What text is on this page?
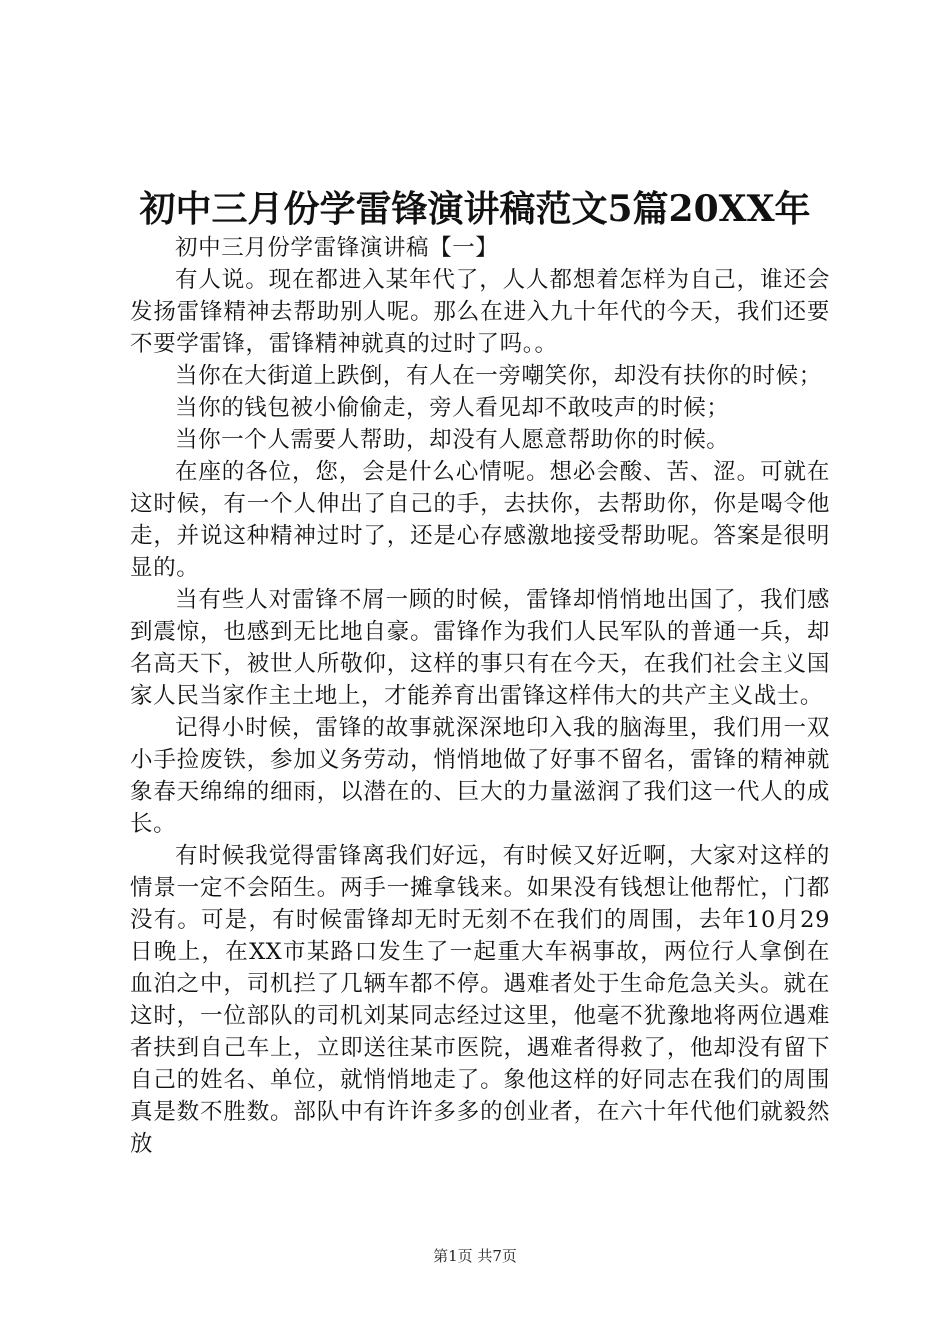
初中三月份学雷锋演讲稿范文5篇20XX年

初中三月份学雷锋演讲稿【一】

有人说。现在都进入某年代了，人人都想着怎样为自己，谁还会发扬雷锋精神去帮助别人呢。那么在进入九十年代的今天，我们还要不要学雷锋，雷锋精神就真的过时了吗。。

当你在大街道上跌倒，有人在一旁嘲笑你，却没有扶你的时候；

当你的钱包被小偷偷走，旁人看见却不敢吱声的时候；

当你一个人需要人帮助，却没有人愿意帮助你的时候。

在座的各位，您，会是什么心情呢。想必会酸、苦、涩。可就在这时候，有一个人伸出了自己的手，去扶你，去帮助你，你是喝令他走，并说这种精神过时了，还是心存感激地接受帮助呢。答案是很明显的。

当有些人对雷锋不屑一顾的时候，雷锋却悄悄地出国了，我们感到震惊，也感到无比地自豪。雷锋作为我们人民军队的普通一兵，却名高天下，被世人所敬仰，这样的事只有在今天，在我们社会主义国家人民当家作主土地上，才能养育出雷锋这样伟大的共产主义战士。

记得小时候，雷锋的故事就深深地印入我的脑海里，我们用一双小手捡废铁，参加义务劳动，悄悄地做了好事不留名，雷锋的精神就象春天绵绵的细雨，以潜在的、巨大的力量滋润了我们这一代人的成长。

有时候我觉得雷锋离我们好远，有时候又好近啊，大家对这样的情景一定不会陌生。两手一摊拿钱来。如果没有钱想让他帮忙，门都没有。可是，有时候雷锋却无时无刻不在我们的周围，去年10月29日晚上，在XX市某路口发生了一起重大车祸事故，两位行人拿倒在血泊之中，司机拦了几辆车都不停。遇难者处于生命危急关头。就在这时，一位部队的司机刘某同志经过这里，他毫不犹豫地将两位遇难者扶到自己车上，立即送往某市医院，遇难者得救了，他却没有留下自己的姓名、单位，就悄悄地走了。象他这样的好同志在我们的周围真是数不胜数。部队中有许许多多的创业者，在六十年代他们就毅然放

第1页 共7页
